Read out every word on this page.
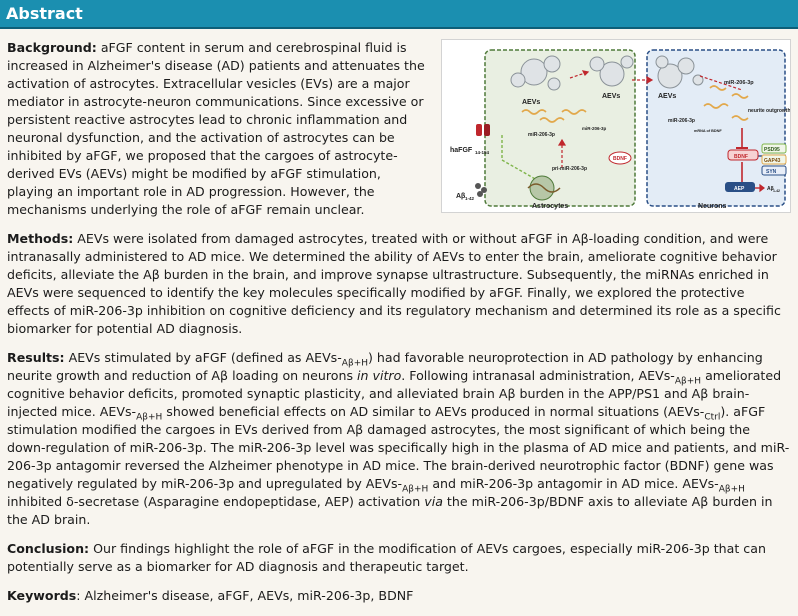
Abstract
AEVs
AEVs	AEVs
miR-206-3p
miR-206-3p
miR-206-3p
pri-miR-206-3p
BDNF
haFGF 14-154
Aβ 1-42
Astrocytes	Neurons
miR-206-3p
mRNA of BDNF
neurite outgrowth
PSD95
GAP43
SYN
BDNF
AEP	Aβ 1-42

Background: aFGF content in serum and cerebrospinal fluid is increased in Alzheimer's disease (AD) patients and attenuates the activation of astrocytes. Extracellular vesicles (EVs) are a major mediator in astrocyte-neuron communications. Since excessive or persistent reactive astrocytes lead to chronic inflammation and neuronal dysfunction, and the activation of astrocytes can be inhibited by aFGF, we proposed that the cargoes of astrocyte-derived EVs (AEVs) might be modified by aFGF stimulation, playing an important role in AD progression. However, the mechanisms underlying the role of aFGF remain unclear.

Methods: AEVs were isolated from damaged astrocytes, treated with or without aFGF in Aβ-loading condition, and were intranasally administered to AD mice. We determined the ability of AEVs to enter the brain, ameliorate cognitive behavior deficits, alleviate the Aβ burden in the brain, and improve synapse ultrastructure. Subsequently, the miRNAs enriched in AEVs were sequenced to identify the key molecules specifically modified by aFGF. Finally, we explored the protective effects of miR-206-3p inhibition on cognitive deficiency and its regulatory mechanism and determined its role as a specific biomarker for potential AD diagnosis.

Results: AEVs stimulated by aFGF (defined as AEVs-$_{A\beta+H}$) had favorable neuroprotection in AD pathology by enhancing neurite growth and reduction of Aβ loading on neurons in vitro. Following intranasal administration, AEVs-$_{A\beta+H}$ ameliorated cognitive behavior deficits, promoted synaptic plasticity, and alleviated brain Aβ burden in the APP/PS1 and Aβ brain-injected mice. AEVs-$_{A\beta+H}$ showed beneficial effects on AD similar to AEVs produced in normal situations $(AEVs-_{Ctrl})$. aFGF stimulation modified the cargoes in EVs derived from Aβ damaged astrocytes, the most significant of which being the down-regulation of miR-206-3p. The miR-206-3p level was specifically high in the plasma of AD mice and patients, and miR-206-3p antagomir reversed the Alzheimer phenotype in AD mice. The brain-derived neurotrophic factor (BDNF) gene was negatively regulated by miR-206-3p and upregulated by AEVs-$_{A\beta+H}$ and miR-206-3p antagomir in AD mice. AEVs-$_{A\beta+H}$ inhibited δ-secretase (Asparagine endopeptidase, AEP) activation via the miR-206-3p/BDNF axis to alleviate Aβ burden in the AD brain.

Conclusion: Our findings highlight the role of aFGF in the modification of AEVs cargoes, especially miR-206-3p that can potentially serve as a biomarker for AD diagnosis and therapeutic target.

Keywords: Alzheimer's disease, aFGF, AEVs, miR-206-3p, BDNF
